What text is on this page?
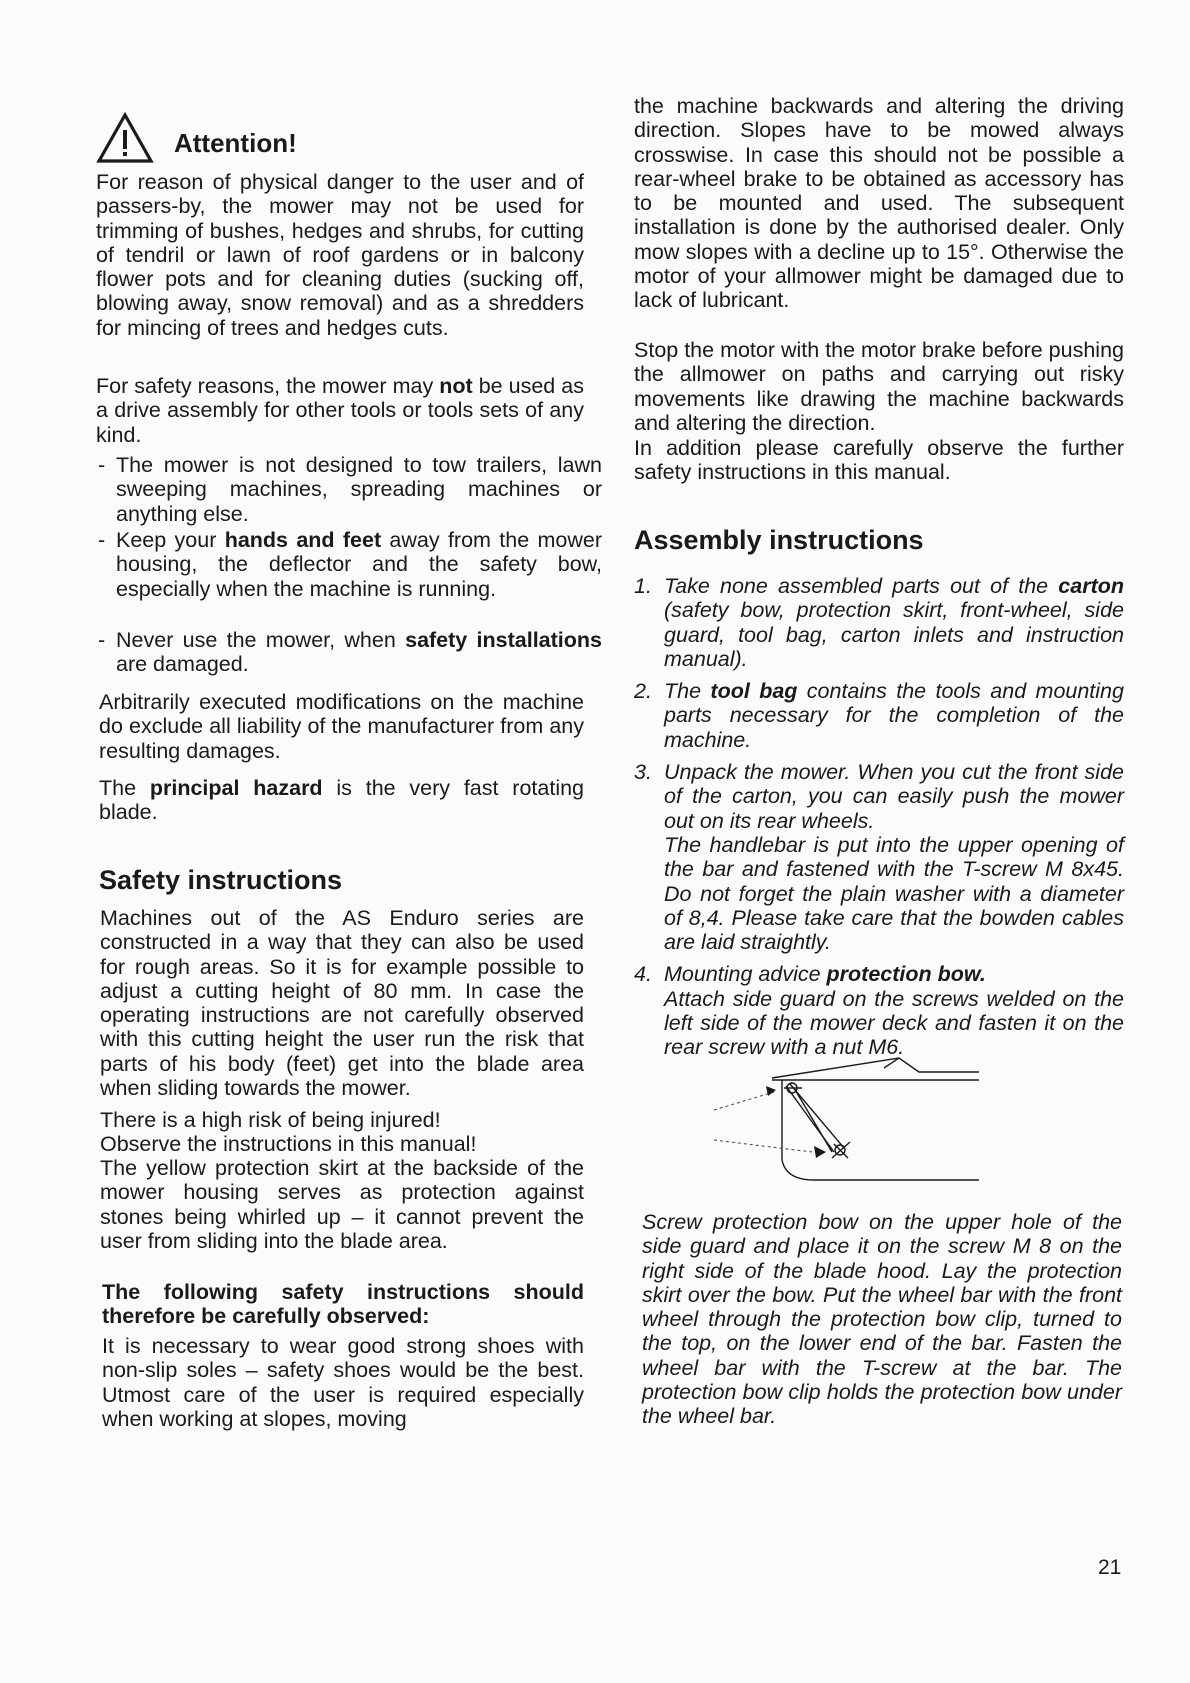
Attention!

For reason of physical danger to the user and of passers-by, the mower may not be used for trimming of bushes, hedges and shrubs, for cutting of tendril or lawn of roof gardens or in balcony flower pots and for cleaning duties (sucking off, blowing away, snow removal) and as a shredders for mincing of trees and hedges cuts.

For safety reasons, the mower may not be used as a drive assembly for other tools or tools sets of any kind.

- The mower is not designed to tow trailers, lawn sweeping machines, spreading machines or anything else.
- Keep your hands and feet away from the mower housing, the deflector and the safety bow, especially when the machine is running.
- Never use the mower, when safety installations are damaged.

Arbitrarily executed modifications on the machine do exclude all liability of the manufacturer from any resulting damages.

The principal hazard is the very fast rotating blade.

Safety instructions

Machines out of the AS Enduro series are constructed in a way that they can also be used for rough areas. So it is for example possible to adjust a cutting height of 80 mm. In case the operating instructions are not carefully observed with this cutting height the user run the risk that parts of his body (feet) get into the blade area when sliding towards the mower.

There is a high risk of being injured!

Observe the instructions in this manual!

The yellow protection skirt at the backside of the mower housing serves as protection against stones being whirled up – it cannot prevent the user from sliding into the blade area.

The following safety instructions should therefore be carefully observed:

It is necessary to wear good strong shoes with non-slip soles – safety shoes would be the best. Utmost care of the user is required especially when working at slopes, moving

the machine backwards and altering the driving direction. Slopes have to be mowed always crosswise. In case this should not be possible a rear-wheel brake to be obtained as accessory has to be mounted and used. The subsequent installation is done by the authorised dealer. Only mow slopes with a decline up to 15°. Otherwise the motor of your allmower might be damaged due to lack of lubricant.

Stop the motor with the motor brake before pushing the allmower on paths and carrying out risky movements like drawing the machine backwards and altering the direction.

In addition please carefully observe the further safety instructions in this manual.

Assembly instructions
1. Take none assembled parts out of the carton (safety bow, protection skirt, front-wheel, side guard, tool bag, carton inlets and instruction manual).
2. The tool bag contains the tools and mounting parts necessary for the completion of the machine.
3. Unpack the mower. When you cut the front side of the carton, you can easily push the mower out on its rear wheels.
The handlebar is put into the upper opening of the bar and fastened with the T-screw M 8x45. Do not forget the plain washer with a diameter of 8,4. Please take care that the bowden cables are laid straightly.
4. Mounting advice protection bow.
Attach side guard on the screws welded on the left side of the mower deck and fasten it on the rear screw with a nut M6.

Screw protection bow on the upper hole of the side guard and place it on the screw M 8 on the right side of the blade hood. Lay the protection skirt over the bow. Put the wheel bar with the front wheel through the protection bow clip, turned to the top, on the lower end of the bar. Fasten the wheel bar with the T-screw at the bar. The protection bow clip holds the protection bow under the wheel bar.

21
